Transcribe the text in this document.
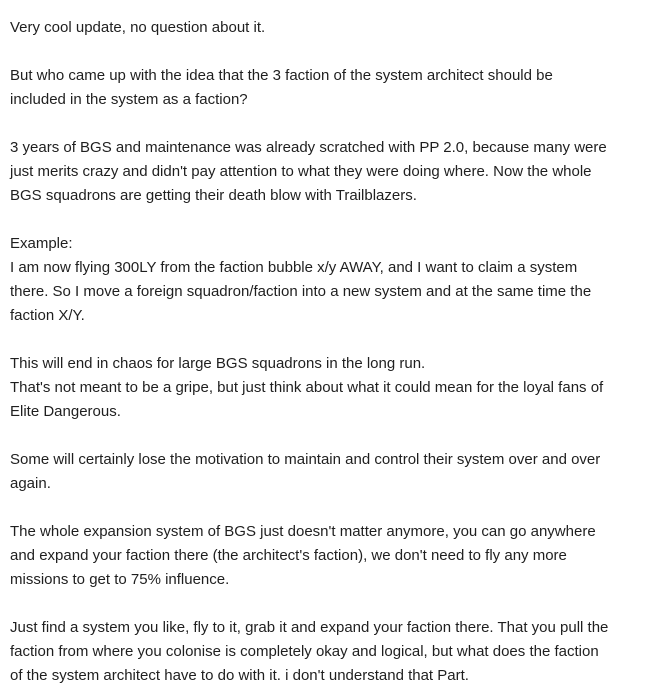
Very cool update, no question about it.

But who came up with the idea that the 3 faction of the system architect should be
included in the system as a faction?

3 years of BGS and maintenance was already scratched with PP 2.0, because many were
just merits crazy and didn't pay attention to what they were doing where. Now the whole
BGS squadrons are getting their death blow with Trailblazers.

Example:
I am now flying 300LY from the faction bubble x/y AWAY, and I want to claim a system
there. So I move a foreign squadron/faction into a new system and at the same time the
faction X/Y.

This will end in chaos for large BGS squadrons in the long run.
That's not meant to be a gripe, but just think about what it could mean for the loyal fans of
Elite Dangerous.

Some will certainly lose the motivation to maintain and control their system over and over
again.

The whole expansion system of BGS just doesn't matter anymore, you can go anywhere
and expand your faction there (the architect's faction), we don't need to fly any more
missions to get to 75% influence.

Just find a system you like, fly to it, grab it and expand your faction there. That you pull the
faction from where you colonise is completely okay and logical, but what does the faction
of the system architect have to do with it. i don't understand that Part.
